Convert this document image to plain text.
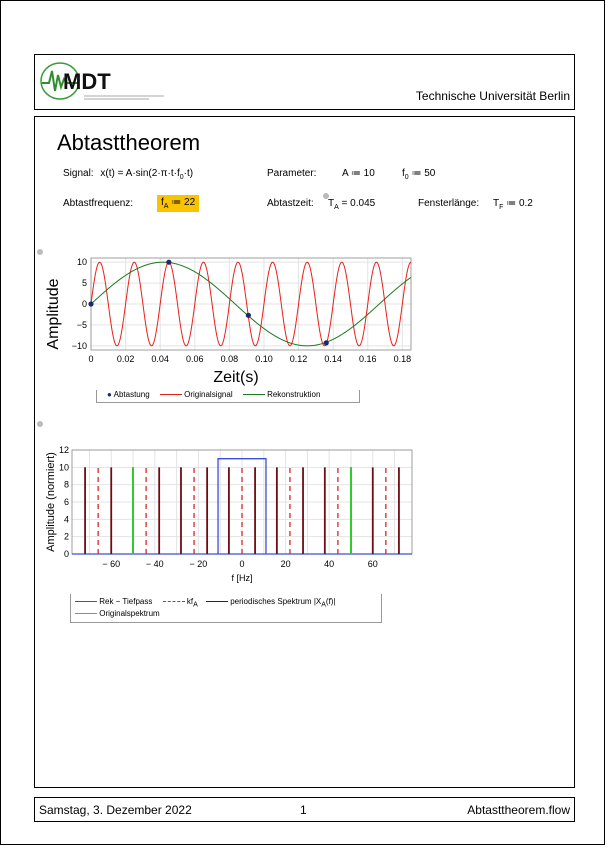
MDT
Technische Universität Berlin
Abtasttheorem
Signal: $x(t) = A\cdot\sin(2\cdot\pi\cdot t\cdot f_0\cdot t)$	Parameter:	A ≔ 10	$f_0$ ≔ 50
Abtastfrequenz:	$f_A$ ≔ 22	Abtastzeit: $T_A = 0.045$	Fensterlänge: $T_F$ ≔ 0.2
0	0.02 0.04 0.06 0.08 0.10 0.12 0.14 0.16 0.18
−10
−5
0
5
10
Zeit(s)
Amplitude
● Abtastung	Originalsignal	Rekonstruktion
− 60	− 40	− 20	0	20	40	60
0
2
4
6
8
10
12
f [Hz]
Amplitude (normiert)
Rek − Tiefpass	$kf_A$	periodisches Spektrum $|X_A(f)|$
Originalspektrum
Samstag, 3. Dezember 2022	1	Abtasttheorem.flow
